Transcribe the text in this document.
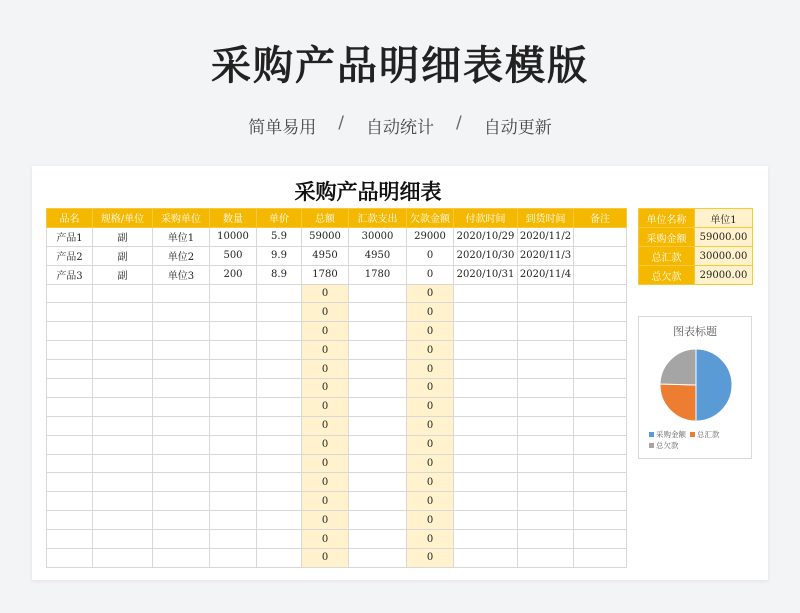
采购产品明细表模版
简单易用 / 自动统计 / 自动更新
采购产品明细表
品名	规格/单位	采购单位	数量	单价	总额	汇款支出	欠款金额	付款时间	到货时间	备注
产品1	副	单位1	10000	5.9	59000	30000	29000	2020/10/29	2020/11/2	
产品2	副	单位2	500	9.9	4950	4950	0	2020/10/30	2020/11/3	
产品3	副	单位3	200	8.9	1780	1780	0	2020/10/31	2020/11/4	
					0		0			
					0		0			
					0		0			
					0		0			
					0		0			
					0		0			
					0		0			
					0		0			
					0		0			
					0		0			
					0		0			
					0		0			
					0		0			
					0		0			
					0		0			
单位名称	单位1
采购金额	59000.00
总汇款	30000.00
总欠款	29000.00
图表标题
采购金额 总汇款总欠款
